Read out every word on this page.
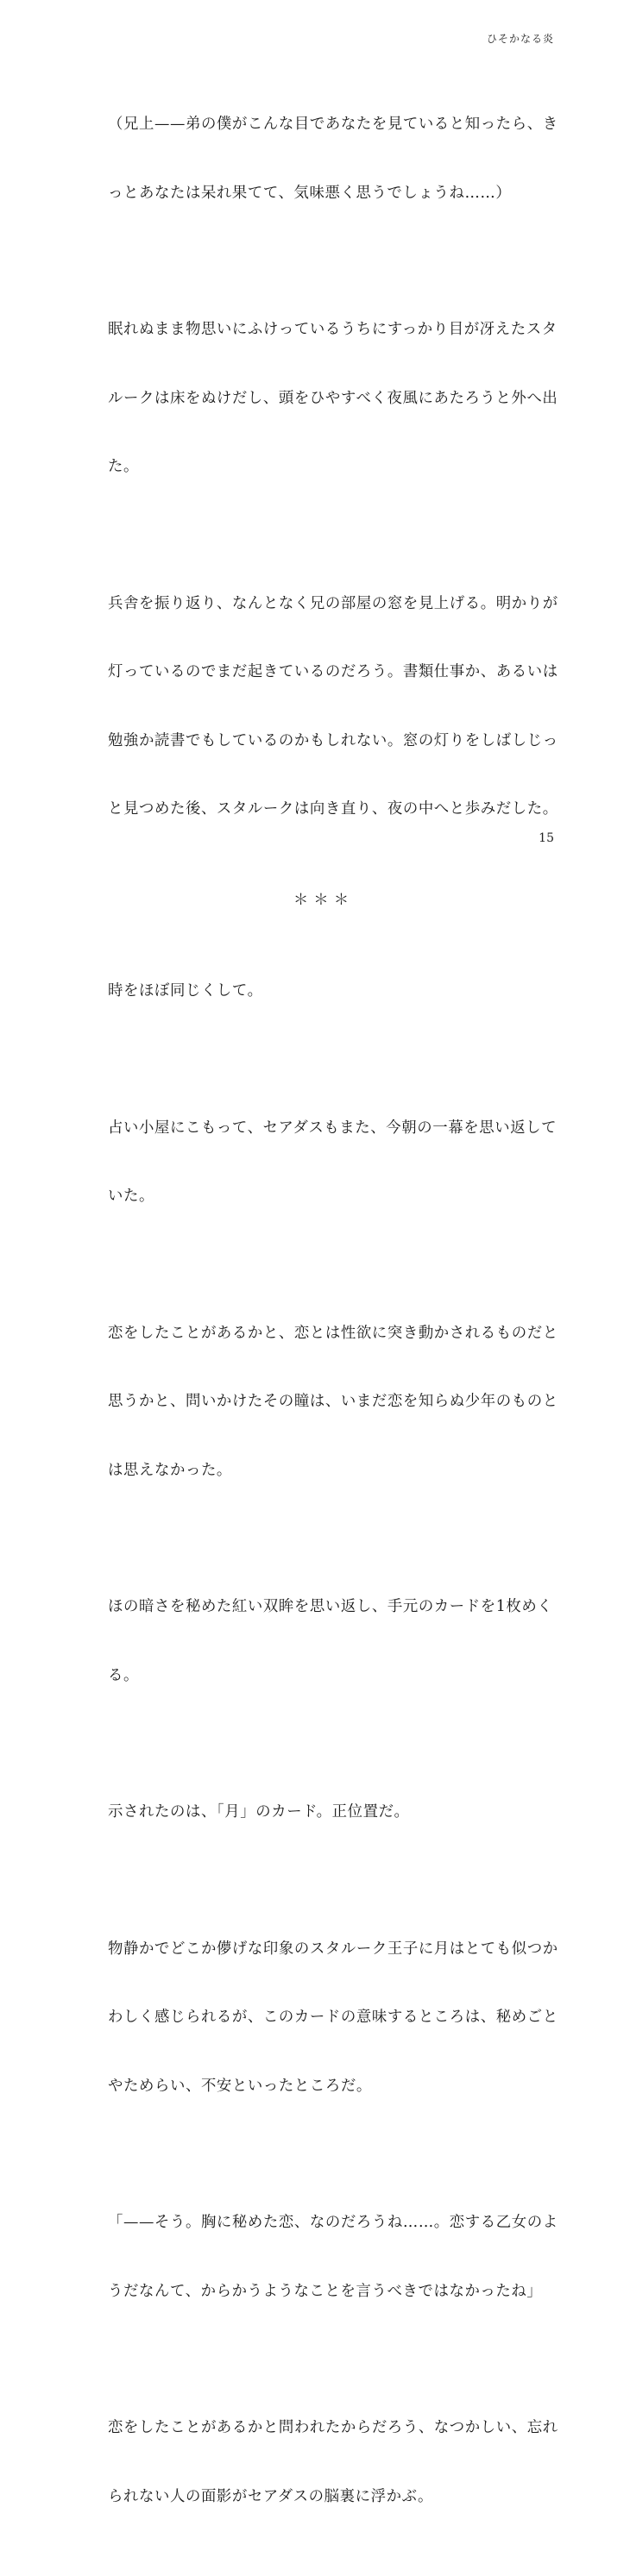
ひそかなる炎

（兄上——弟の僕がこんな目であなたを見ていると知ったら、き

っとあなたは呆れ果てて、気味悪く思うでしょうね……）

眠れぬまま物思いにふけっているうちにすっかり目が冴えたスタ

ルークは床をぬけだし、頭をひやすべく夜風にあたろうと外へ出

た。

兵舎を振り返り、なんとなく兄の部屋の窓を見上げる。明かりが

灯っているのでまだ起きているのだろう。書類仕事か、あるいは

勉強か読書でもしているのかもしれない。窓の灯りをしばしじっ

と見つめた後、スタルークは向き直り、夜の中へと歩みだした。

＊＊＊

時をほぼ同じくして。

占い小屋にこもって、セアダスもまた、今朝の一幕を思い返して

いた。

恋をしたことがあるかと、恋とは性欲に突き動かされるものだと

思うかと、問いかけたその瞳は、いまだ恋を知らぬ少年のものと

は思えなかった。

ほの暗さを秘めた紅い双眸を思い返し、手元のカードを1枚めく

る。

示されたのは、「月」のカード。正位置だ。

物静かでどこか儚げな印象のスタルーク王子に月はとても似つか

わしく感じられるが、このカードの意味するところは、秘めごと

やためらい、不安といったところだ。

「——そう。胸に秘めた恋、なのだろうね……。恋する乙女のよ

うだなんて、からかうようなことを言うべきではなかったね」

恋をしたことがあるかと問われたからだろう、なつかしい、忘れ

られない人の面影がセアダスの脳裏に浮かぶ。

15
